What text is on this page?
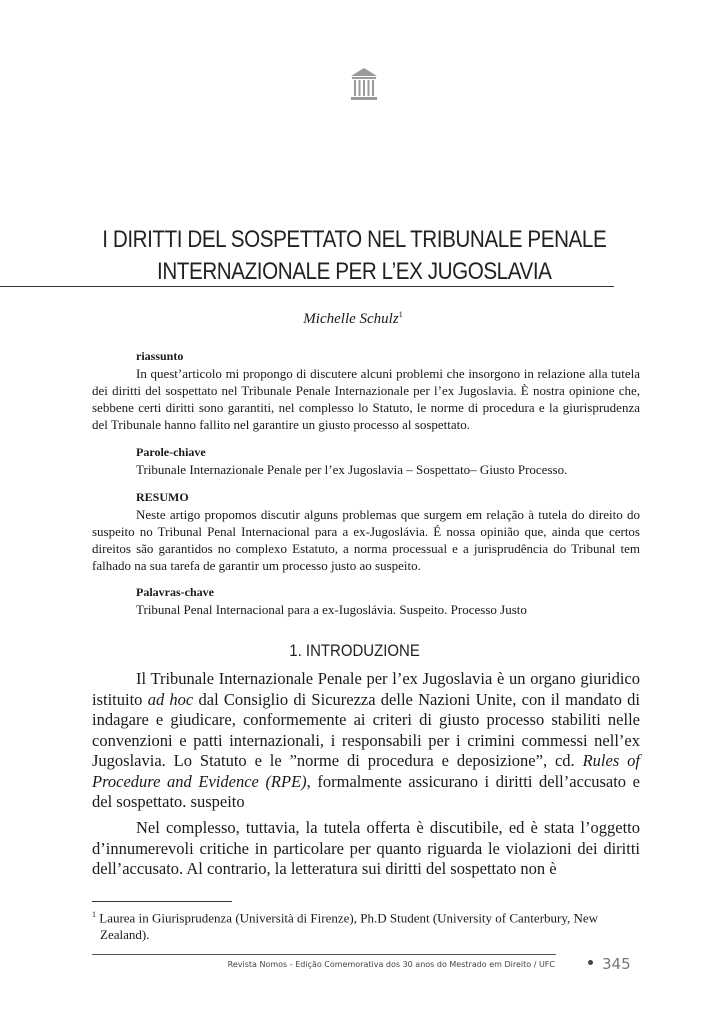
I DIRITTI DEL SOSPETTATO NEL TRIBUNALE PENALE
INTERNAZIONALE PER L’EX JUGOSLAVIA
Michelle Schulz$^1$
riassunto

In quest’articolo mi propongo di discutere alcuni problemi che insorgono in relazione alla tutela dei diritti del sospettato nel Tribunale Penale Internazionale per l’ex Jugoslavia. È nostra opinione che, sebbene certi diritti sono garantiti, nel complesso lo Statuto, le norme di procedura e la giurisprudenza del Tribunale hanno fallito nel garantire un giusto processo al sospettato.

Parole-chiave
Tribunale Internazionale Penale per l’ex Jugoslavia – Sospettato– Giusto Processo.
RESUMO

Neste artigo propomos discutir alguns problemas que surgem em relação à tutela do direito do suspeito no Tribunal Penal Internacional para a ex-Jugoslávia. É nossa opinião que, ainda que certos direitos são garantidos no complexo Estatuto, a norma processual e a jurisprudência do Tribunal tem falhado na sua tarefa de garantir um processo justo ao suspeito.

Palavras-chave
Tribunal Penal Internacional para a ex-Iugoslávia. Suspeito. Processo Justo
1. INTRODUZIONE

Il Tribunale Internazionale Penale per l’ex Jugoslavia è un organo giuridico istituito ad hoc dal Consiglio di Sicurezza delle Nazioni Unite, con il mandato di indagare e giudicare, conformemente ai criteri di giusto processo stabiliti nelle convenzioni e patti internazionali, i responsabili per i crimini commessi nell’ex Jugoslavia. Lo Statuto e le ”norme di procedura e deposizione”, cd. Rules of Procedure and Evidence (RPE), formalmente assicurano i diritti dell’accusato e del sospettato. suspeito

Nel complesso, tuttavia, la tutela offerta è discutibile, ed è stata l’oggetto d’innumerevoli critiche in particolare per quanto riguarda le violazioni dei diritti dell’accusato. Al contrario, la letteratura sui diritti del sospettato non è

$^1$ Laurea in Giurisprudenza (Università di Firenze), Ph.D Student (University of Canterbury, New
Zealand).
Revista Nomos - Edição Comemorativa dos 30 anos do Mestrado em Direito / UFC	345
